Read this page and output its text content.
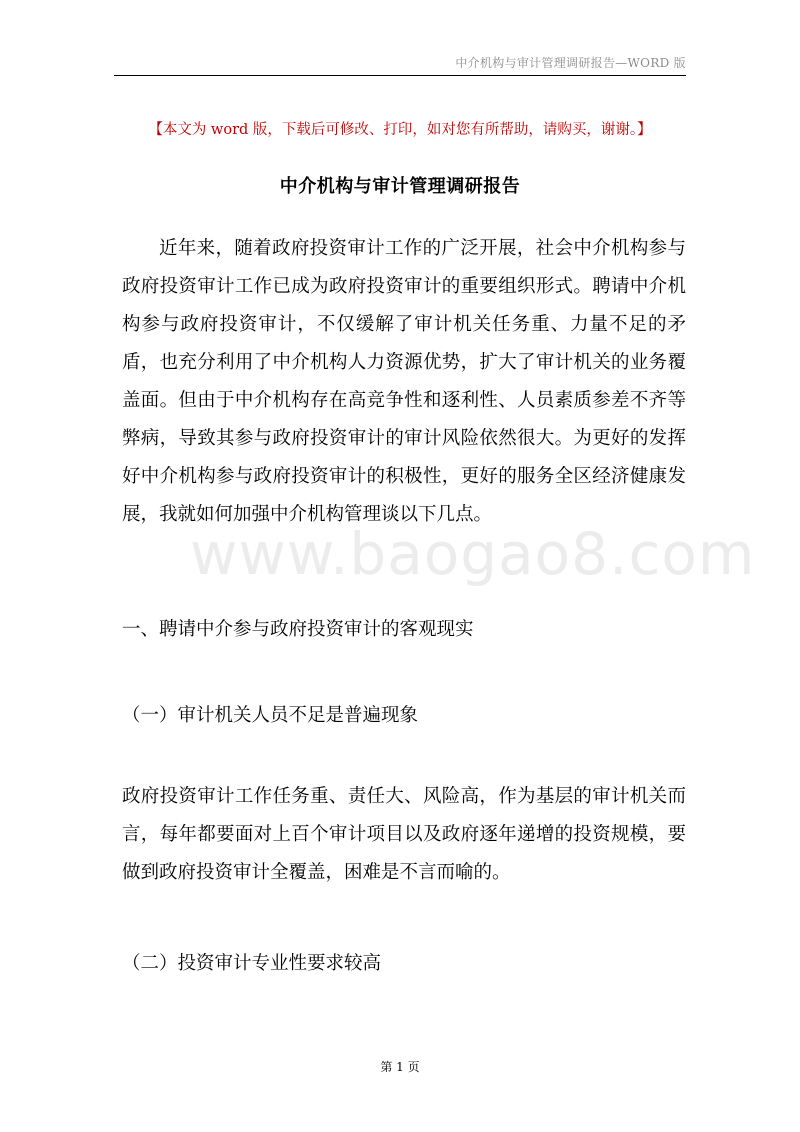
中介机构与审计管理调研报告—WORD 版
【本文为 word 版，下载后可修改、打印，如对您有所帮助，请购买，谢谢。】
中介机构与审计管理调研报告

近年来，随着政府投资审计工作的广泛开展，社会中介机构参与政府投资审计工作已成为政府投资审计的重要组织形式。聘请中介机构参与政府投资审计，不仅缓解了审计机关任务重、力量不足的矛盾，也充分利用了中介机构人力资源优势，扩大了审计机关的业务覆盖面。但由于中介机构存在高竞争性和逐利性、人员素质参差不齐等弊病，导致其参与政府投资审计的审计风险依然很大。为更好的发挥好中介机构参与政府投资审计的积极性，更好的服务全区经济健康发展，我就如何加强中介机构管理谈以下几点。

www.baogao8.com

一、聘请中介参与政府投资审计的客观现实

（一）审计机关人员不足是普遍现象

政府投资审计工作任务重、责任大、风险高，作为基层的审计机关而言，每年都要面对上百个审计项目以及政府逐年递增的投资规模，要做到政府投资审计全覆盖，困难是不言而喻的。

（二）投资审计专业性要求较高

第 1 页
